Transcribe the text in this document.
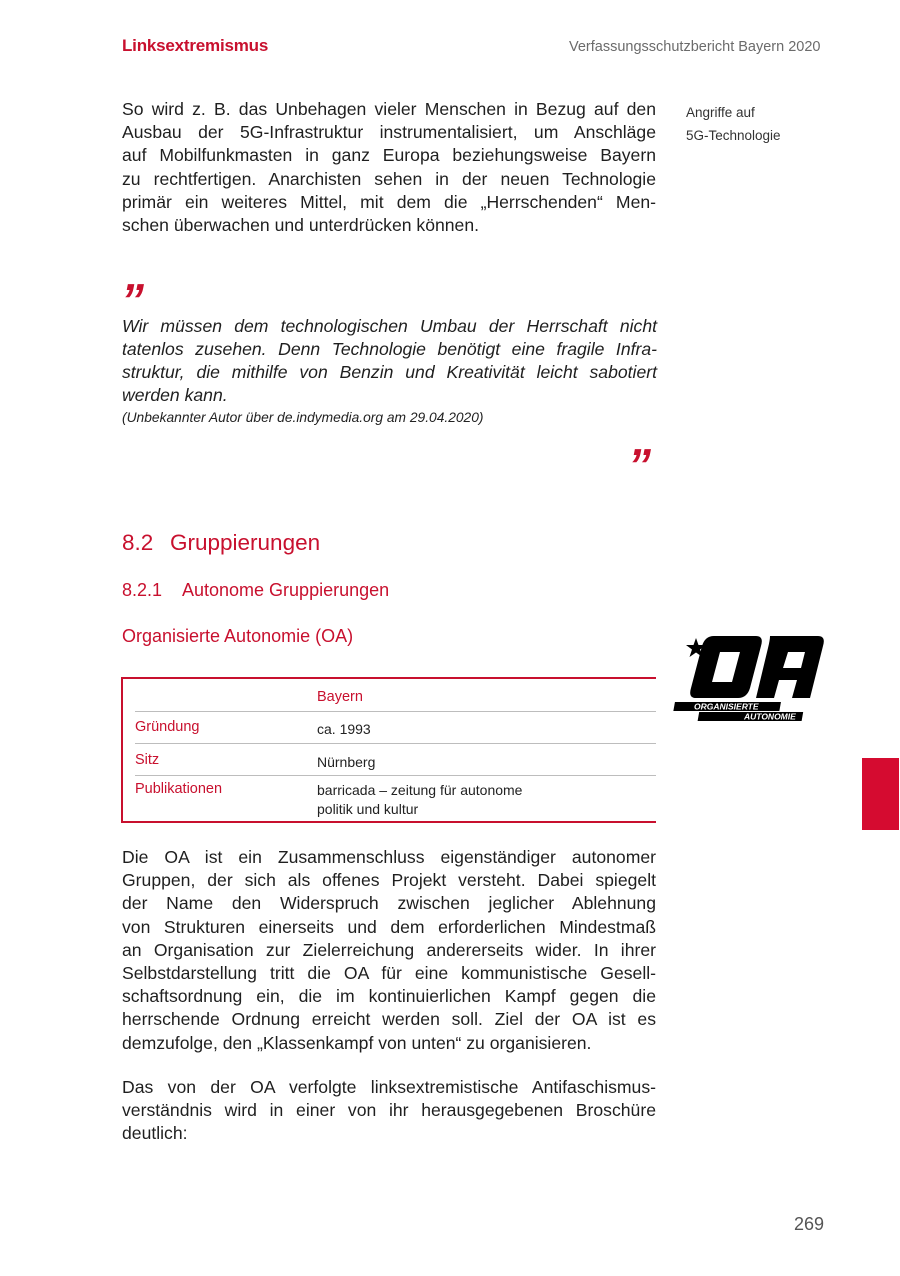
Linksextremismus	Verfassungsschutzbericht Bayern 2020
So wird z. B. das Unbehagen vieler Menschen in Bezug auf den
Ausbau der 5G-Infrastruktur instrumentalisiert, um Anschläge
auf Mobilfunkmasten in ganz Europa beziehungsweise Bayern
zu rechtfertigen. Anarchisten sehen in der neuen Technologie
primär ein weiteres Mittel, mit dem die „Herrschenden“ Men-
schen überwachen und unterdrücken können.
Angriffe auf
5G-Technologie
”
Wir müssen dem technologischen Umbau der Herrschaft nicht
tatenlos zusehen. Denn Technologie benötigt eine fragile Infra-
struktur, die mithilfe von Benzin und Kreativität leicht sabotiert
werden kann.
(Unbekannter Autor über de.indymedia.org am 29.04.2020)
”
8.2 Gruppierungen
8.2.1 Autonome Gruppierungen
Organisierte Autonomie (OA)
Bayern
Gründung	ca. 1993
Sitz	Nürnberg
Publikationen	barricada – zeitung für autonome
politik und kultur
ORGANISIERTE
AUTONOMIE
Die OA ist ein Zusammenschluss eigenständiger autonomer
Gruppen, der sich als offenes Projekt versteht. Dabei spiegelt
der Name den Widerspruch zwischen jeglicher Ablehnung
von Strukturen einerseits und dem erforderlichen Mindestmaß
an Organisation zur Zielerreichung andererseits wider. In ihrer
Selbstdarstellung tritt die OA für eine kommunistische Gesell-
schaftsordnung ein, die im kontinuierlichen Kampf gegen die
herrschende Ordnung erreicht werden soll. Ziel der OA ist es
demzufolge, den „Klassenkampf von unten“ zu organisieren.
Das von der OA verfolgte linksextremistische Antifaschismus-
verständnis wird in einer von ihr herausgegebenen Broschüre
deutlich:
269
